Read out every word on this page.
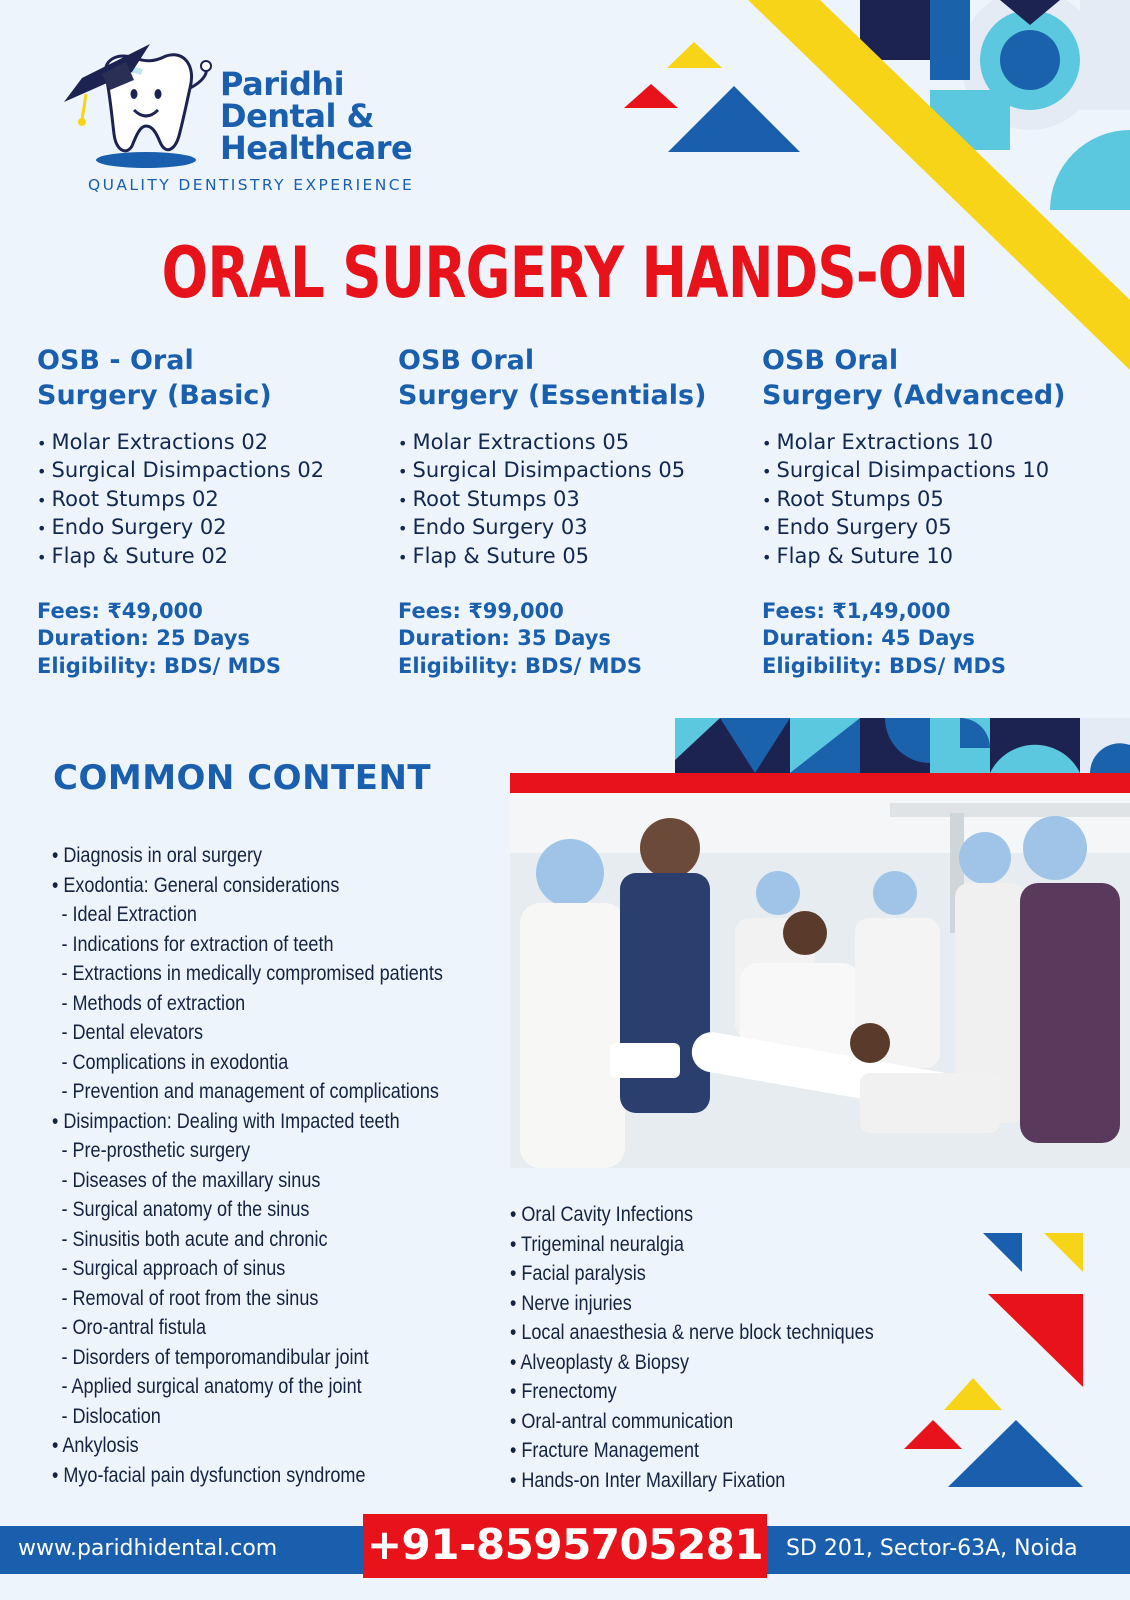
Paridhi
Dental &
Healthcare
QUALITY DENTISTRY EXPERIENCE
ORAL SURGERY HANDS-ON
OSB - Oral
Surgery (Basic)
• Molar Extractions 02
• Surgical Disimpactions 02
• Root Stumps 02
• Endo Surgery 02
• Flap & Suture 02
Fees: ₹49,000
Duration: 25 Days
Eligibility: BDS/ MDS
OSB Oral
Surgery (Essentials)
• Molar Extractions 05
• Surgical Disimpactions 05
• Root Stumps 03
• Endo Surgery 03
• Flap & Suture 05
Fees: ₹99,000
Duration: 35 Days
Eligibility: BDS/ MDS
OSB Oral
Surgery (Advanced)
• Molar Extractions 10
• Surgical Disimpactions 10
• Root Stumps 05
• Endo Surgery 05
• Flap & Suture 10
Fees: ₹1,49,000
Duration: 45 Days
Eligibility: BDS/ MDS
COMMON CONTENT
• Diagnosis in oral surgery
• Exodontia: General considerations
- Ideal Extraction
- Indications for extraction of teeth
- Extractions in medically compromised patients
- Methods of extraction
- Dental elevators
- Complications in exodontia
- Prevention and management of complications
• Disimpaction: Dealing with Impacted teeth
- Pre-prosthetic surgery
- Diseases of the maxillary sinus
- Surgical anatomy of the sinus
- Sinusitis both acute and chronic
- Surgical approach of sinus
- Removal of root from the sinus
- Oro-antral fistula
- Disorders of temporomandibular joint
- Applied surgical anatomy of the joint
- Dislocation
• Ankylosis
• Myo-facial pain dysfunction syndrome
• Oral Cavity Infections
• Trigeminal neuralgia
• Facial paralysis
• Nerve injuries
• Local anaesthesia & nerve block techniques
• Alveoplasty & Biopsy
• Frenectomy
• Oral-antral communication
• Fracture Management
• Hands-on Inter Maxillary Fixation
www.paridhidental.com +91-8595705281 SD 201, Sector-63A, Noida
